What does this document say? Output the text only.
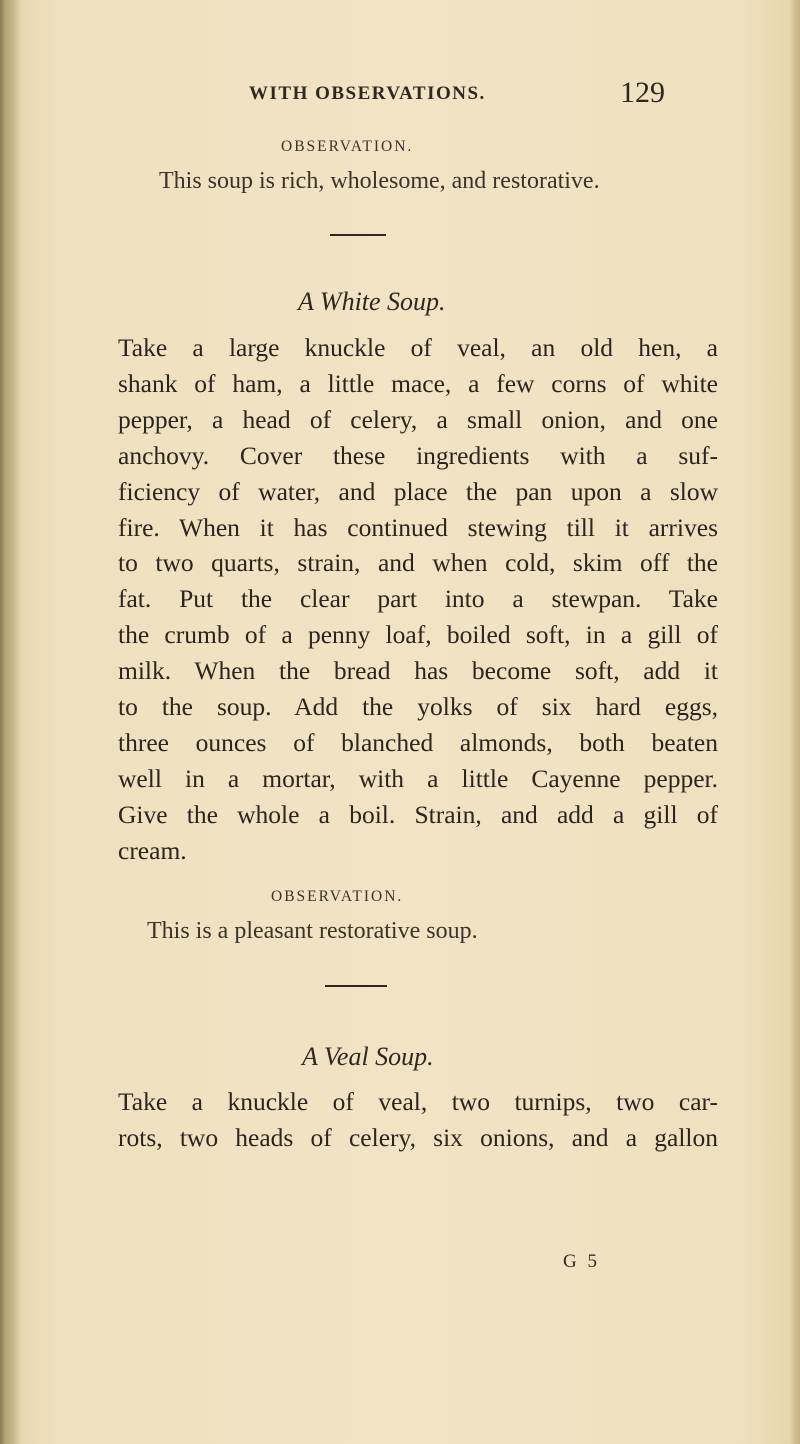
WITH OBSERVATIONS.	129
OBSERVATION.
This soup is rich, wholesome, and restorative.
A White Soup.
Take a large knuckle of veal, an old hen, a
shank of ham, a little mace, a few corns of white
pepper, a head of celery, a small onion, and one
anchovy. Cover these ingredients with a suf-
ficiency of water, and place the pan upon a slow
fire. When it has continued stewing till it arrives
to two quarts, strain, and when cold, skim off the
fat. Put the clear part into a stewpan. Take
the crumb of a penny loaf, boiled soft, in a gill of
milk. When the bread has become soft, add it
to the soup. Add the yolks of six hard eggs,
three ounces of blanched almonds, both beaten
well in a mortar, with a little Cayenne pepper.
Give the whole a boil. Strain, and add a gill of
cream.
OBSERVATION.
This is a pleasant restorative soup.
A Veal Soup.
Take a knuckle of veal, two turnips, two car-
rots, two heads of celery, six onions, and a gallon
G 5
